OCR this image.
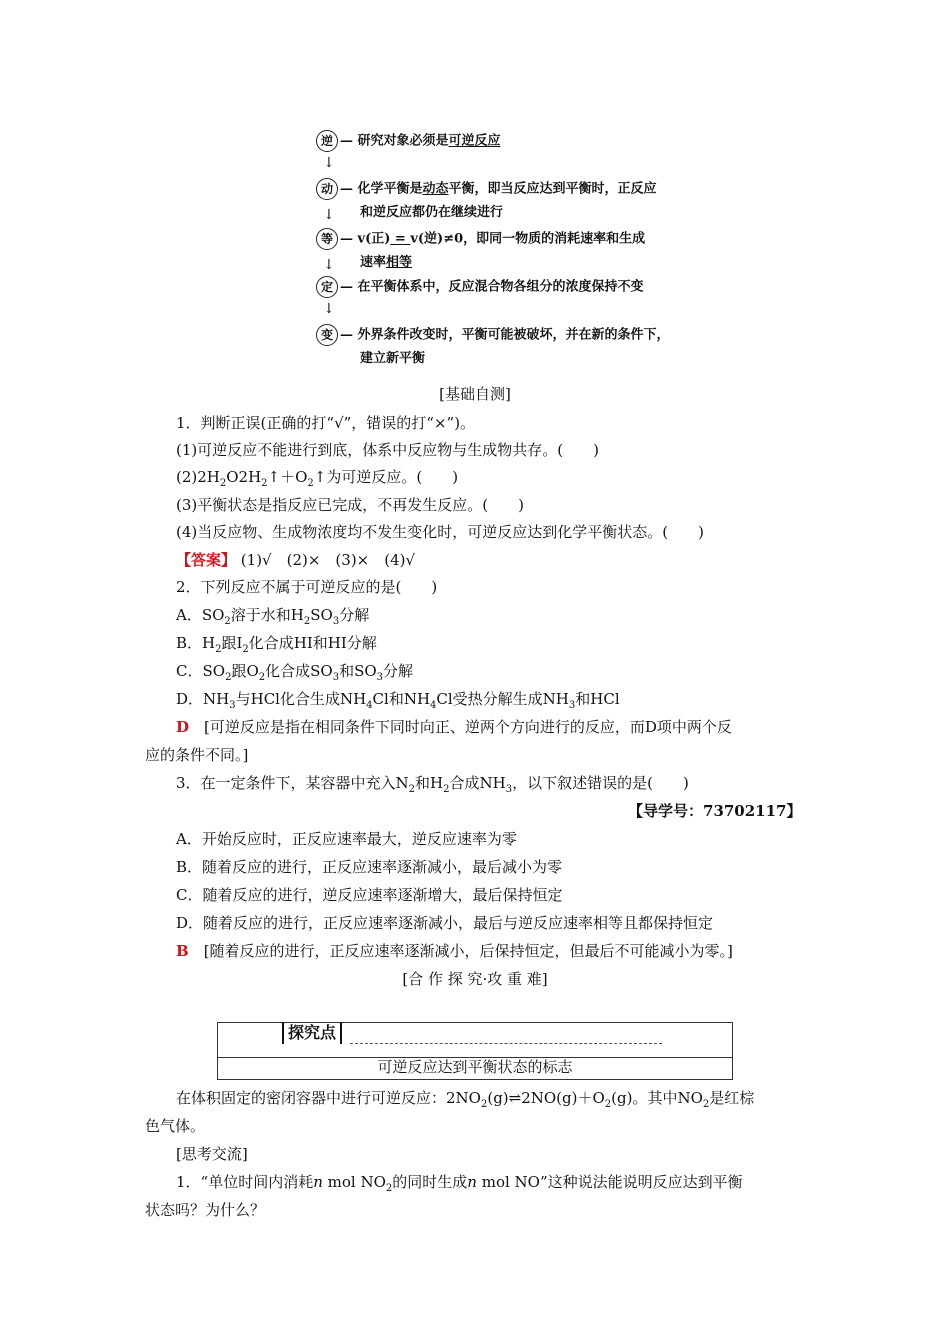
逆 — 研究对象必须是可逆反应
↓
动 — 化学平衡是动态平衡，即当反应达到平衡时，正反应
和逆反应都仍在继续进行
↓
等 — v(正) = v(逆)≠0，即同一物质的消耗速率和生成
速率相等
↓
定 — 在平衡体系中，反应混合物各组分的浓度保持不变
↓
变 — 外界条件改变时，平衡可能被破坏，并在新的条件下，
建立新平衡
[基础自测]
1．判断正误(正确的打“√”，错误的打“×”)。
(1)可逆反应不能进行到底，体系中反应物与生成物共存。(　　)
$(2)2H_2O2H_2↑+O_2↑$为可逆反应。(　　)
(3)平衡状态是指反应已完成，不再发生反应。(　　)
(4)当反应物、生成物浓度均不发生变化时，可逆反应达到化学平衡状态。(　　)
【答案】 (1)√　(2)×　(3)×　(4)√
2．下列反应不属于可逆反应的是(　　)
A．$SO_2$溶于水和$H_2SO_3$分解
B．$H_2$跟$I_2$化合成HI和HI分解
C．$SO_2$跟$O_2$化合成$SO_3$和$SO_3$分解
D．$NH_3$与HCl化合生成$NH_4Cl$和$NH_4Cl$受热分解生成$NH_3$和HCl
D　 [可逆反应是指在相同条件下同时向正、逆两个方向进行的反应，而D项中两个反
应的条件不同。]
3．在一定条件下，某容器中充入$N_2$和$H_2$合成$NH_3$，以下叙述错误的是(　　)
【导学号：73702117】
A．开始反应时，正反应速率最大，逆反应速率为零
B．随着反应的进行，正反应速率逐渐减小，最后减小为零
C．随着反应的进行，逆反应速率逐渐增大，最后保持恒定
D．随着反应的进行，正反应速率逐渐减小，最后与逆反应速率相等且都保持恒定
B　 [随着反应的进行，正反应速率逐渐减小，后保持恒定，但最后不可能减小为零。]
[合 作 探 究·攻 重 难]
探究点
可逆反应达到平衡状态的标志
在体积固定的密闭容器中进行可逆反应：$2NO_2(g)\rightleftharpoons 2NO(g)+O_2(g)$。其中$NO_2$是红棕
色气体。
[思考交流]
1．“单位时间内消耗n mol $NO_2$的同时生成n mol NO”这种说法能说明反应达到平衡
状态吗？为什么？
